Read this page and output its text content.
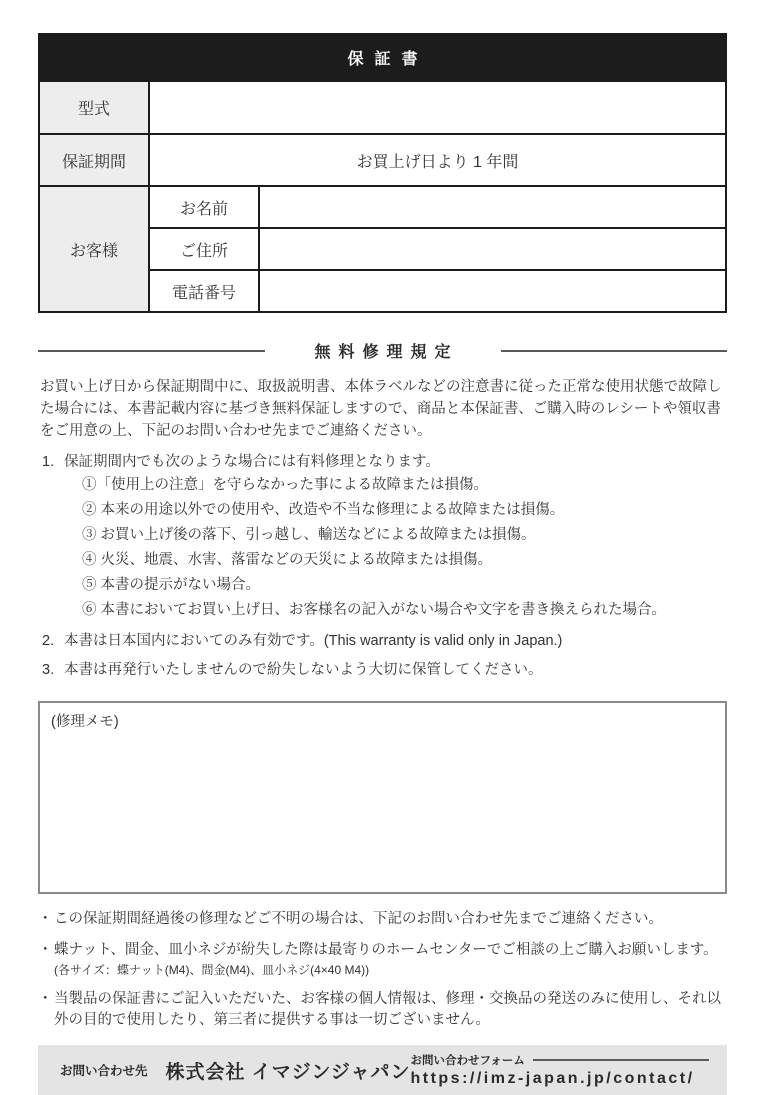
保証書		
型式		
保証期間	お買上げ日より 1 年間	
お客様	お名前	
	ご住所	
	電話番号	
無料修理規定

お買い上げ日から保証期間中に、取扱説明書、本体ラベルなどの注意書に従った正常な使用状態で故障した場合には、本書記載内容に基づき無料保証しますので、商品と本保証書、ご購入時のレシートや領収書をご用意の上、下記のお問い合わせ先までご連絡ください。

1. 保証期間内でも次のような場合には有料修理となります。
①「使用上の注意」を守らなかった事による故障または損傷。
② 本来の用途以外での使用や、改造や不当な修理による故障または損傷。
③ お買い上げ後の落下、引っ越し、輸送などによる故障または損傷。
④ 火災、地震、水害、落雷などの天災による故障または損傷。
⑤ 本書の提示がない場合。
⑥ 本書においてお買い上げ日、お客様名の記入がない場合や文字を書き換えられた場合。
2. 本書は日本国内においてのみ有効です。(This warranty is valid only in Japan.)
3. 本書は再発行いたしませんので紛失しないよう大切に保管してください。
(修理メモ)
・ この保証期間経過後の修理などご不明の場合は、下記のお問い合わせ先までご連絡ください。
・ 蝶ナット、間金、皿小ネジが紛失した際は最寄りのホームセンターでご相談の上ご購入お願いします。
(各サイズ：蝶ナット(M4)、間金(M4)、皿小ネジ(4×40 M4))
・ 当製品の保証書にご記入いただいた、お客様の個人情報は、修理・交換品の発送のみに使用し、それ以外の目的で使用したり、第三者に提供する事は一切ございません。
お問い合わせ先 株式会社 イマジンジャパン
お問い合わせフォーム
https://imz-japan.jp/contact/
